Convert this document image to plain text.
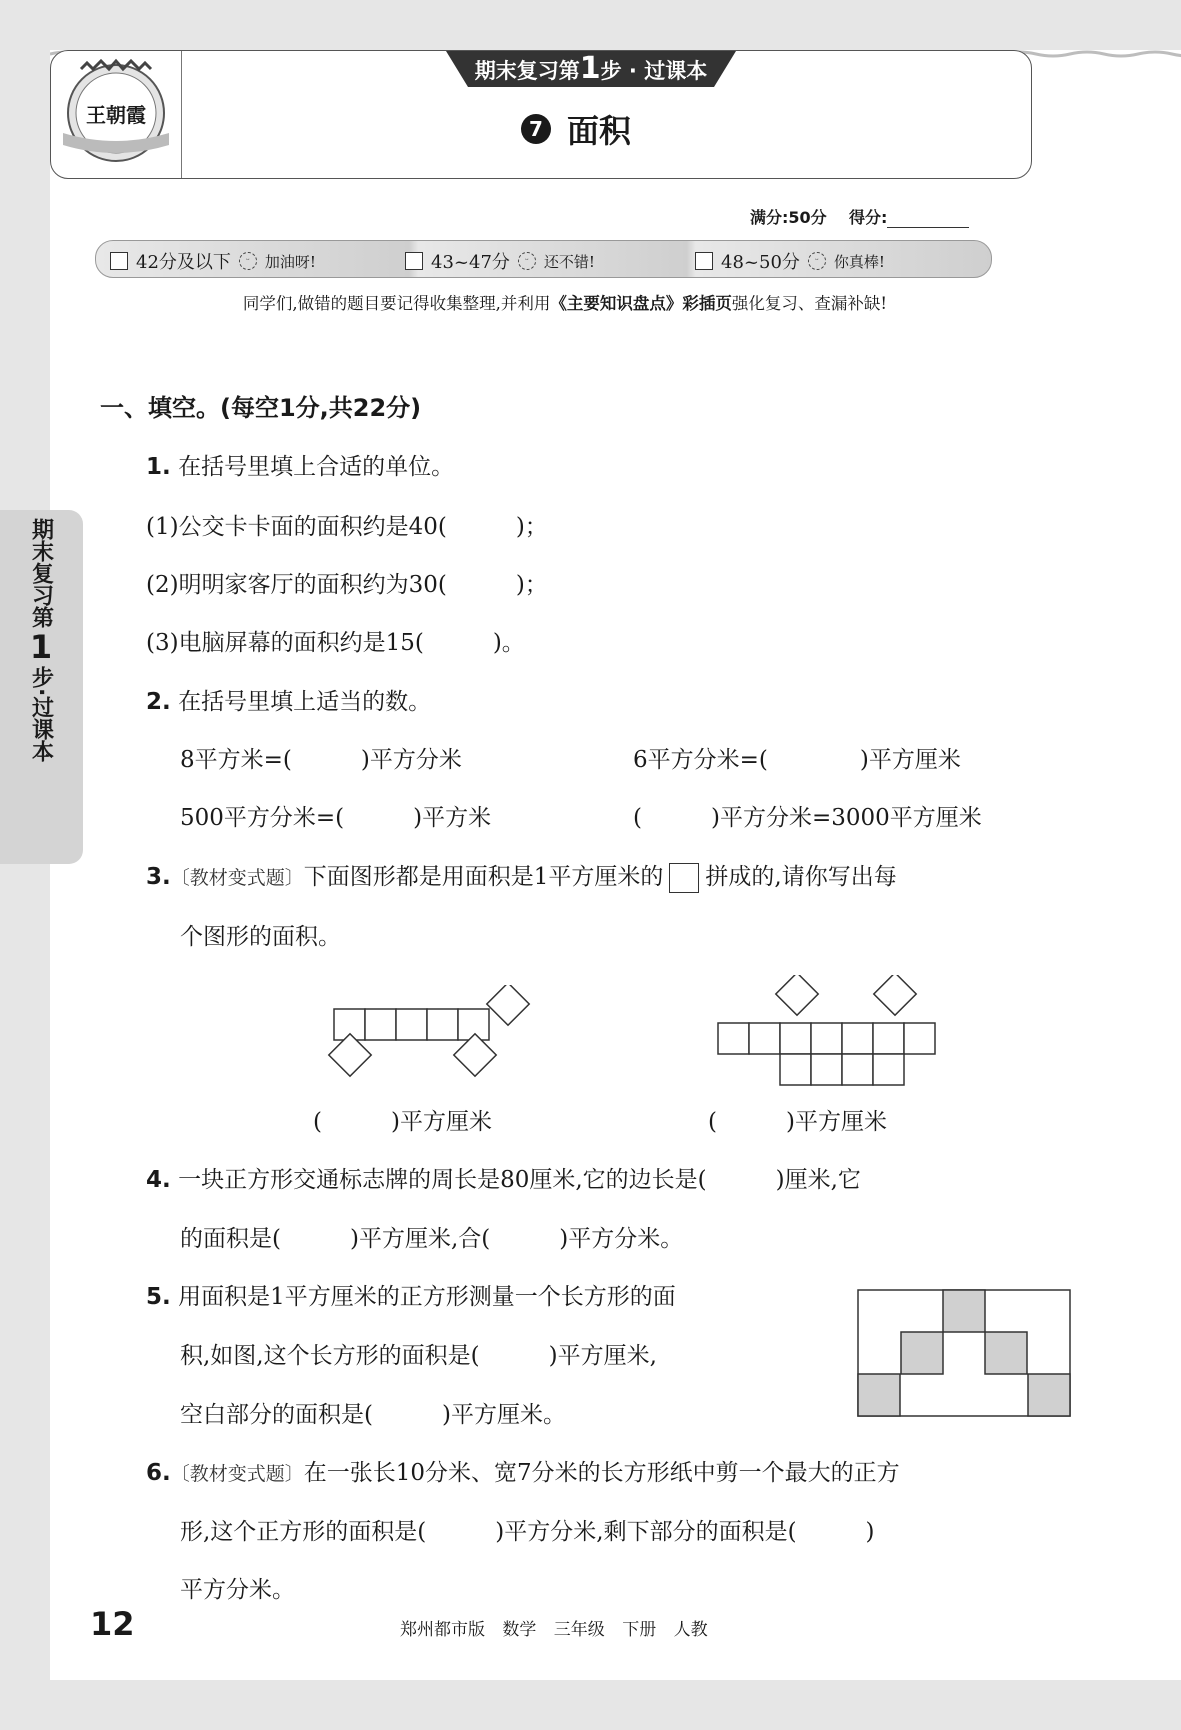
王朝霞
期末复习第1步 · 过课本
7 面积
满分:50分 得分:
42分及以下	ᵕ	加油呀!	43~47分	ᵕ	还不错!	48~50分	ᵕ	你真棒!
同学们,做错的题目要记得收集整理,并利用《主要知识盘点》彩插页强化复习、查漏补缺!
期末复习第
1
步·过课本
一、填空。(每空1分,共22分)
1. 在括号里填上合适的单位。
(1)公交卡卡面的面积约是40(　　　)；
(2)明明家客厅的面积约为30(　　　)；
(3)电脑屏幕的面积约是15(　　　)。
2. 在括号里填上适当的数。
8平方米=(　　　)平方分米	6平方分米=(　　　　)平方厘米
500平方分米=(　　　)平方米	(　　　)平方分米=3000平方厘米
3.〔教材变式题〕下面图形都是用面积是1平方厘米的 拼成的,请你写出每
个图形的面积。
(　　　)平方厘米	(　　　)平方厘米
4. 一块正方形交通标志牌的周长是80厘米,它的边长是(　　　)厘米,它
的面积是(　　　)平方厘米,合(　　　)平方分米。
5. 用面积是1平方厘米的正方形测量一个长方形的面
积,如图,这个长方形的面积是(　　　)平方厘米,
空白部分的面积是(　　　)平方厘米。
6.〔教材变式题〕在一张长10分米、宽7分米的长方形纸中剪一个最大的正方
形,这个正方形的面积是(　　　)平方分米,剩下部分的面积是(　　　)
平方分米。
12	郑州都市版 数学 三年级 下册 人教
